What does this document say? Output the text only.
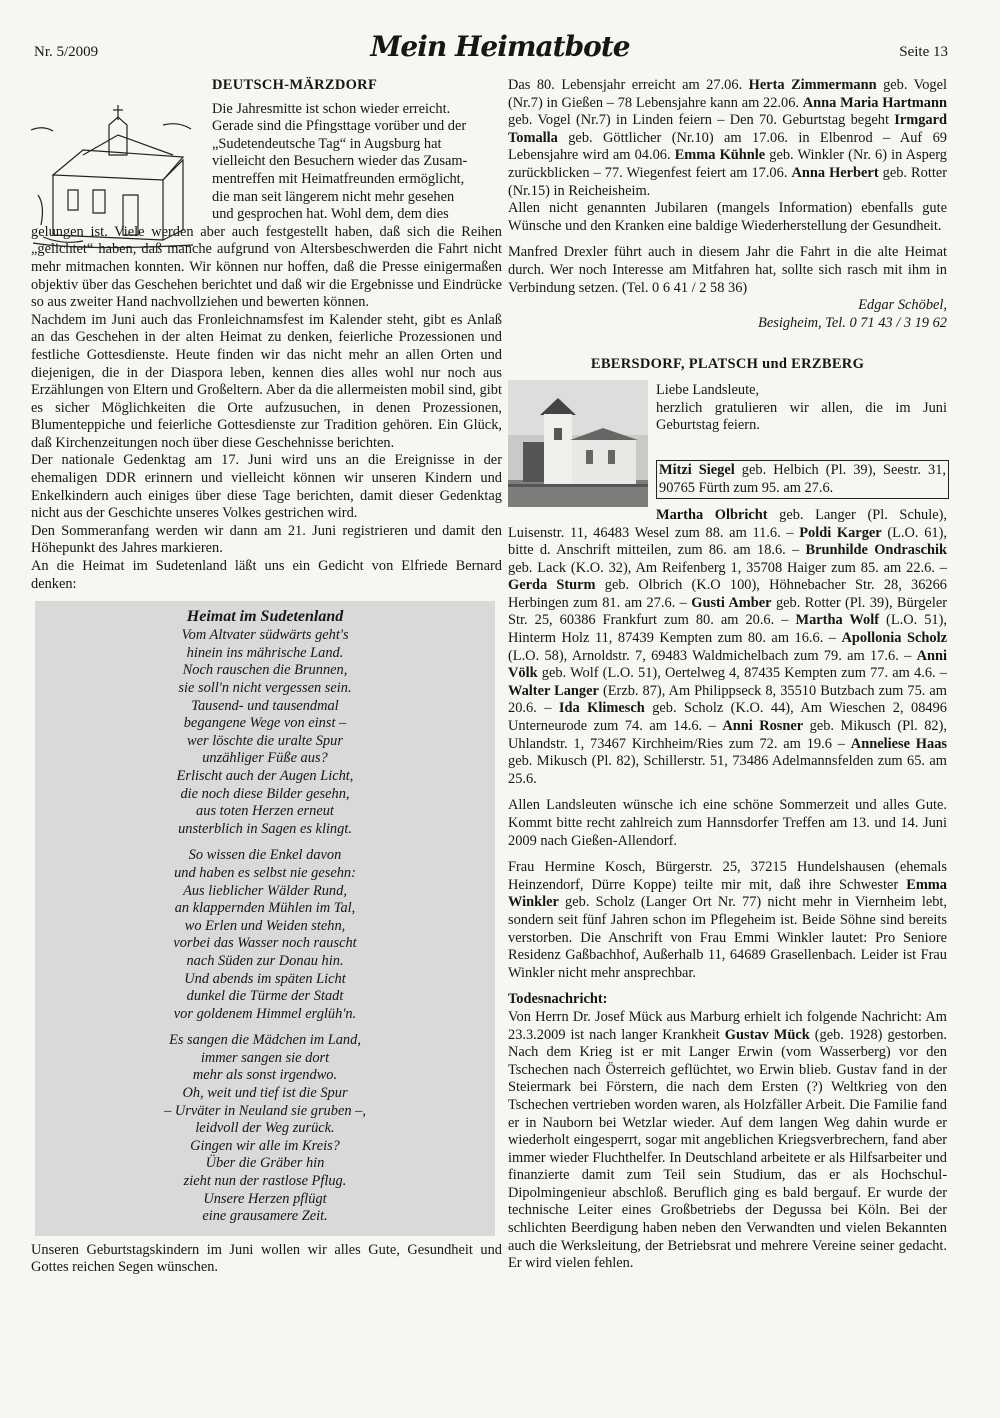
Nr. 5/2009	Mein Heimatbote	Seite 13
DEUTSCH-MÄRZDORF

Die Jahresmitte ist schon wieder erreicht.

Gerade sind die Pfingsttage vorüber und der

„Sudetendeutsche Tag“ in Augsburg hat

vielleicht den Besuchern wieder das Zusam-

mentreffen mit Heimatfreunden ermöglicht,

die man seit längerem nicht mehr gesehen

und gesprochen hat. Wohl dem, dem dies

gelungen ist. Viele werden aber auch festgestellt haben, daß sich die Reihen „gelichtet“ haben, daß manche aufgrund von Altersbeschwerden die Fahrt nicht mehr mitmachen konnten. Wir können nur hoffen, daß die Presse einigermaßen objektiv über das Geschehen berichtet und daß wir die Ergebnisse und Eindrücke so aus zweiter Hand nachvollziehen und bewerten können.

Nachdem im Juni auch das Fronleichnamsfest im Kalender steht, gibt es Anlaß an das Geschehen in der alten Heimat zu denken, feierliche Prozessionen und festliche Gottesdienste. Heute finden wir das nicht mehr an allen Orten und diejenigen, die in der Diaspora leben, kennen dies alles wohl nur noch aus Erzählungen von Eltern und Großeltern. Aber da die allermeisten mobil sind, gibt es sicher Möglichkeiten die Orte aufzusuchen, in denen Prozessionen, Blumenteppiche und feierliche Gottesdienste zur Tradition gehören. Ein Glück, daß Kirchenzeitungen noch über diese Geschehnisse berichten.

Der nationale Gedenktag am 17. Juni wird uns an die Ereignisse in der ehemaligen DDR erinnern und vielleicht können wir unseren Kindern und Enkelkindern auch einiges über diese Tage berichten, damit dieser Gedenktag nicht aus der Geschichte unseres Volkes gestrichen wird.

Den Sommeranfang werden wir dann am 21. Juni registrieren und damit den Höhepunkt des Jahres markieren.

An die Heimat im Sudetenland läßt uns ein Gedicht von Elfriede Bernard denken:

Heimat im Sudetenland
Vom Altvater südwärts geht's
hinein ins mährische Land.
Noch rauschen die Brunnen,
sie soll'n nicht vergessen sein.
Tausend- und tausendmal
begangene Wege von einst –
wer löschte die uralte Spur
unzähliger Füße aus?
Erlischt auch der Augen Licht,
die noch diese Bilder gesehn,
aus toten Herzen erneut
unsterblich in Sagen es klingt.
So wissen die Enkel davon
und haben es selbst nie gesehn:
Aus lieblicher Wälder Rund,
an klappernden Mühlen im Tal,
wo Erlen und Weiden stehn,
vorbei das Wasser noch rauscht
nach Süden zur Donau hin.
Und abends im späten Licht
dunkel die Türme der Stadt
vor goldenem Himmel erglüh'n.
Es sangen die Mädchen im Land,
immer sangen sie dort
mehr als sonst irgendwo.
Oh, weit und tief ist die Spur
– Urväter in Neuland sie gruben –,
leidvoll der Weg zurück.
Gingen wir alle im Kreis?
Über die Gräber hin
zieht nun der rastlose Pflug.
Unsere Herzen pflügt
eine grausamere Zeit.

Unseren Geburtstagskindern im Juni wollen wir alles Gute, Gesundheit und Gottes reichen Segen wünschen.

Das 80. Lebensjahr erreicht am 27.06. Herta Zimmermann geb. Vogel (Nr.7) in Gießen – 78 Lebensjahre kann am 22.06. Anna Maria Hartmann geb. Vogel (Nr.7) in Linden feiern – Den 70. Geburtstag begeht Irmgard Tomalla geb. Göttlicher (Nr.10) am 17.06. in Elbenrod – Auf 69 Lebensjahre wird am 04.06. Emma Kühnle geb. Winkler (Nr. 6) in Asperg zurückblicken – 77. Wiegenfest feiert am 17.06. Anna Herbert geb. Rotter (Nr.15) in Reicheisheim.

Allen nicht genannten Jubilaren (mangels Information) ebenfalls gute Wünsche und den Kranken eine baldige Wiederherstellung der Gesundheit.

Manfred Drexler führt auch in diesem Jahr die Fahrt in die alte Heimat durch. Wer noch Interesse am Mitfahren hat, sollte sich rasch mit ihm in Verbindung setzen. (Tel. 0 6 41 / 2 58 36)

Edgar Schöbel,

Besigheim, Tel. 0 71 43 / 3 19 62

EBERSDORF, PLATSCH und ERZBERG

Liebe Landsleute,

herzlich gratulieren wir allen, die im Juni Geburtstag feiern.

Mitzi Siegel geb. Helbich (Pl. 39), Seestr. 31, 90765 Fürth zum 95. am 27.6.

Martha Olbricht geb. Langer (Pl. Schule), Luisenstr. 11, 46483 Wesel zum 88. am 11.6. – Poldi Karger (L.O. 61), bitte d. Anschrift mitteilen, zum 86. am 18.6. – Brunhilde Ondraschik geb. Lack (K.O. 32), Am Reifenberg 1, 35708 Haiger zum 85. am 22.6. – Gerda Sturm geb. Olbrich (K.O 100), Höhnebacher Str. 28, 36266 Herbingen zum 81. am 27.6. – Gusti Amber geb. Rotter (Pl. 39), Bürgeler Str. 25, 60386 Frankfurt zum 80. am 20.6. – Martha Wolf (L.O. 51), Hinterm Holz 11, 87439 Kempten zum 80. am 16.6. – Apollonia Scholz (L.O. 58), Arnoldstr. 7, 69483 Waldmichelbach zum 79. am 17.6. – Anni Völk geb. Wolf (L.O. 51), Oertelweg 4, 87435 Kempten zum 77. am 4.6. – Walter Langer (Erzb. 87), Am Philippseck 8, 35510 Butzbach zum 75. am 20.6. – Ida Klimesch geb. Scholz (K.O. 44), Am Wieschen 2, 08496 Unterneurode zum 74. am 14.6. – Anni Rosner geb. Mikusch (Pl. 82), Uhlandstr. 1, 73467 Kirchheim/Ries zum 72. am 19.6 – Anneliese Haas geb. Mikusch (Pl. 82), Schillerstr. 51, 73486 Adelmannsfelden zum 65. am 25.6.

Allen Landsleuten wünsche ich eine schöne Sommerzeit und alles Gute. Kommt bitte recht zahlreich zum Hannsdorfer Treffen am 13. und 14. Juni 2009 nach Gießen-Allendorf.

Frau Hermine Kosch, Bürgerstr. 25, 37215 Hundelshausen (ehemals Heinzendorf, Dürre Koppe) teilte mir mit, daß ihre Schwester Emma Winkler geb. Scholz (Langer Ort Nr. 77) nicht mehr in Viernheim lebt, sondern seit fünf Jahren schon im Pflegeheim ist. Beide Söhne sind bereits verstorben. Die Anschrift von Frau Emmi Winkler lautet: Pro Seniore Residenz Gaßbachhof, Außerhalb 11, 64689 Grasellenbach. Leider ist Frau Winkler nicht mehr ansprechbar.

Todesnachricht:

Von Herrn Dr. Josef Mück aus Marburg erhielt ich folgende Nachricht: Am 23.3.2009 ist nach langer Krankheit Gustav Mück (geb. 1928) gestorben. Nach dem Krieg ist er mit Langer Erwin (vom Wasserberg) vor den Tschechen nach Österreich geflüchtet, wo Erwin blieb. Gustav fand in der Steiermark bei Förstern, die nach dem Ersten (?) Weltkrieg von den Tschechen vertrieben worden waren, als Holzfäller Arbeit. Die Familie fand er in Nauborn bei Wetzlar wieder. Auf dem langen Weg dahin wurde er wiederholt eingesperrt, sogar mit angeblichen Kriegsverbrechern, fand aber immer wieder Fluchthelfer. In Deutschland arbeitete er als Hilfsarbeiter und finanzierte damit zum Teil sein Studium, das er als Hochschul-Dipolmingenieur abschloß. Beruflich ging es bald bergauf. Er wurde der technische Leiter eines Großbetriebs der Degussa bei Köln. Bei der schlichten Beerdigung haben neben den Verwandten und vielen Bekannten auch die Werksleitung, der Betriebsrat und mehrere Vereine seiner gedacht. Er wird vielen fehlen.
